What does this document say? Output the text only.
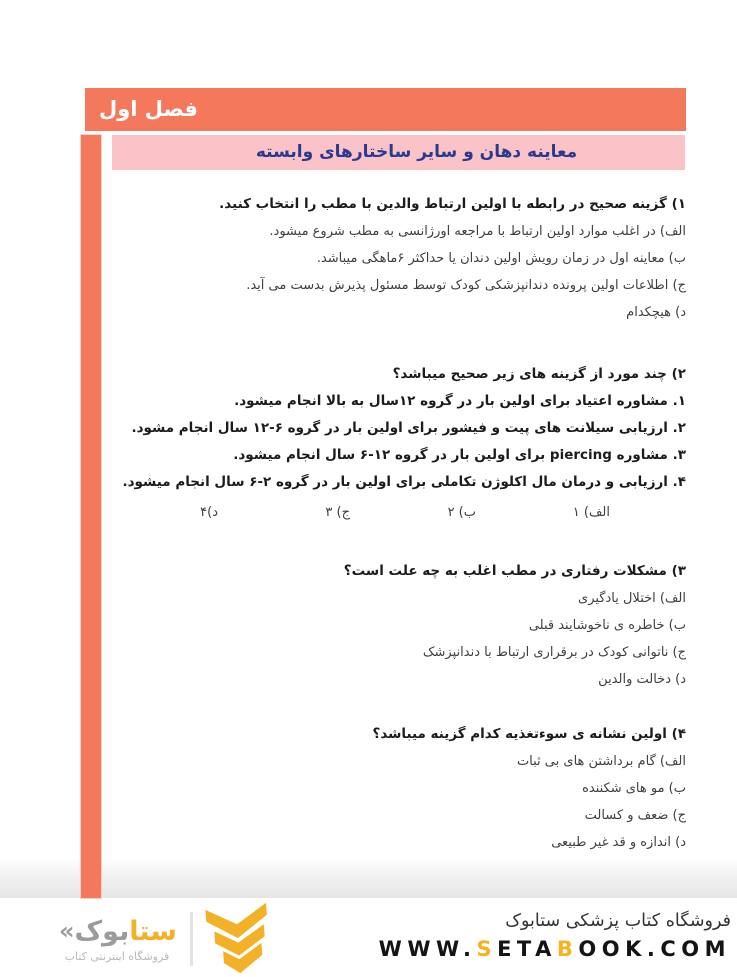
فصل اول
معاینه دهان و سایر ساختارهای وابسته
۱) گزینه صحیح در رابطه با اولین ارتباط والدین با مطب را انتخاب کنید.
الف) در اغلب موارد اولین ارتباط با مراجعه اورژانسی به مطب شروع میشود.
ب) معاینه اول در زمان رویش اولین دندان یا حداکثر ۶ماهگی میباشد.
ج) اطلاعات اولین پرونده دندانپزشکی کودک توسط مسئول پذیرش بدست می آید.
د) هیچکدام
۲) چند مورد از گزینه های زیر صحیح میباشد؟
۱. مشاوره اعتیاد برای اولین بار در گروه ۱۲سال به بالا انجام میشود.
۲. ارزیابی سیلانت های پیت و فیشور برای اولین بار در گروه ۶-۱۲ سال انجام مشود.
۳. مشاوره piercing برای اولین بار در گروه ۱۲-۶ سال انجام میشود.
۴. ارزیابی و درمان مال اکلوژن تکاملی برای اولین بار در گروه ۲-۶ سال انجام میشود.
الف) ۱
ب) ۲
ج) ۳
د)۴
۳) مشکلات رفتاری در مطب اغلب به چه علت است؟
الف) اختلال یادگیری
ب) خاطره ی ناخوشایند قبلی
ج) ناتوانی کودک در برقراری ارتباط با دندانپزشک
د) دخالت والدین
۴) اولین نشانه ی سوءتغذیه کدام گزینه میباشد؟
الف) گام برداشتن های بی ثبات
ب) مو های شکننده
ج) ضعف و کسالت
د) اندازه و قد غیر طبیعی
ستابوک«
فروشگاه اینترنتی کتاب
فروشگاه کتاب پزشکی ستابوک
WWW.SETABOOK.COM
